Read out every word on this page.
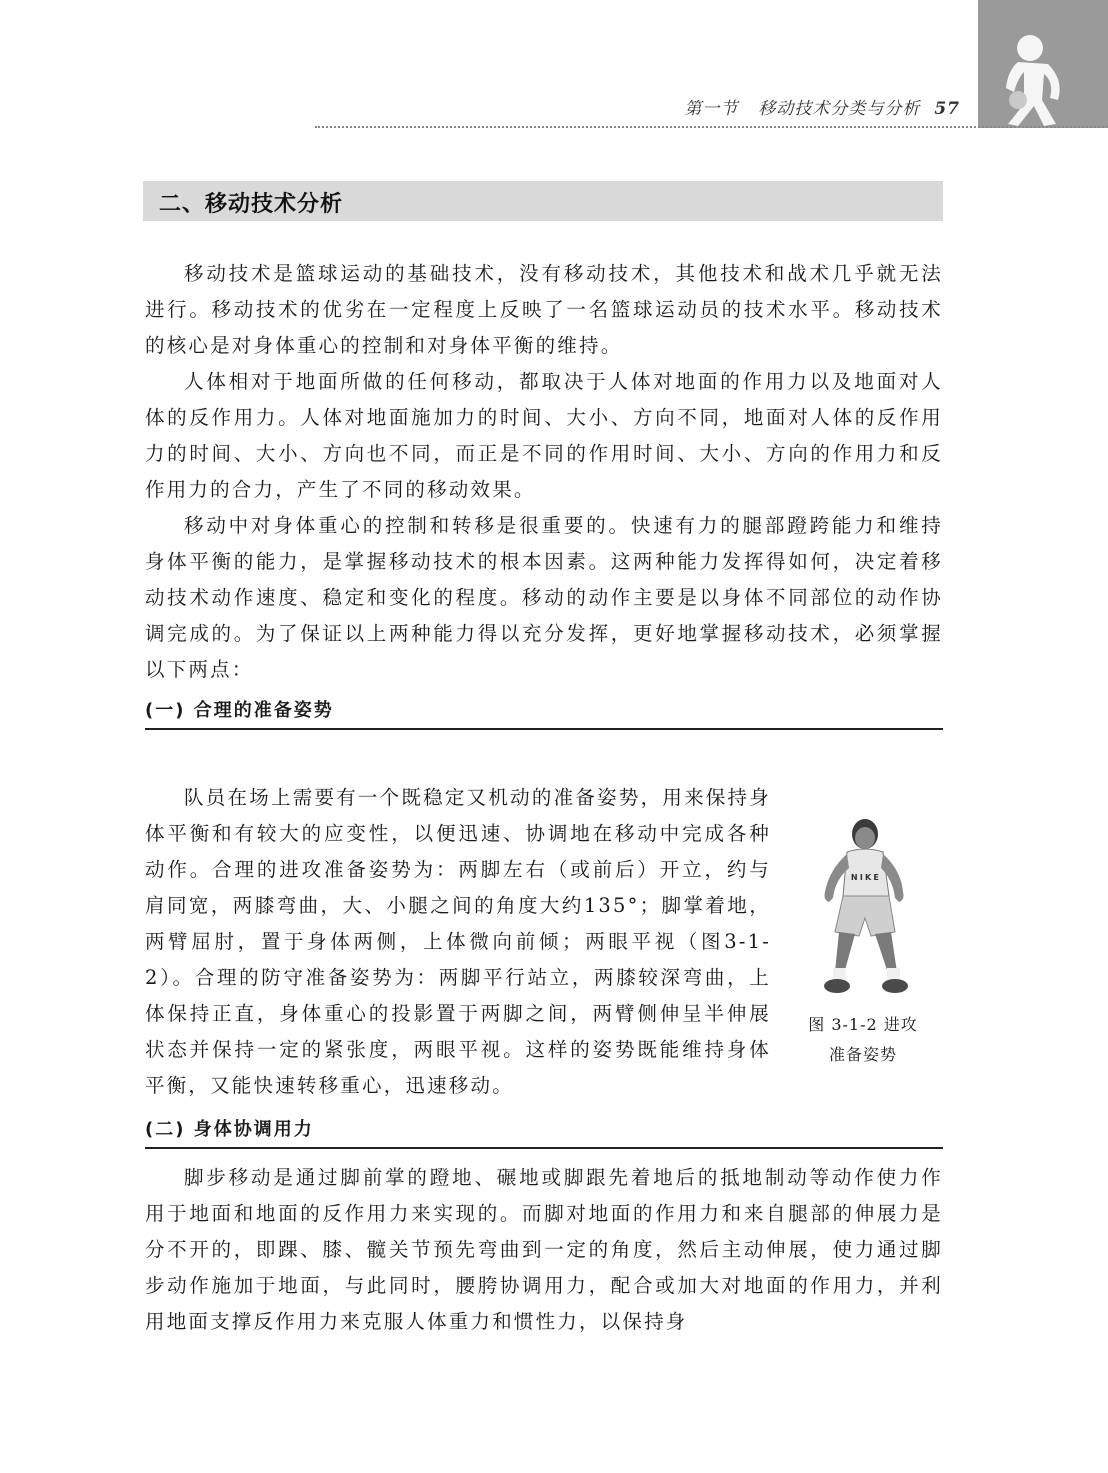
第一节 移动技术分类与分析 57
二、移动技术分析

移动技术是篮球运动的基础技术，没有移动技术，其他技术和战术几乎就无法进行。移动技术的优劣在一定程度上反映了一名篮球运动员的技术水平。移动技术的核心是对身体重心的控制和对身体平衡的维持。

人体相对于地面所做的任何移动，都取决于人体对地面的作用力以及地面对人体的反作用力。人体对地面施加力的时间、大小、方向不同，地面对人体的反作用力的时间、大小、方向也不同，而正是不同的作用时间、大小、方向的作用力和反作用力的合力，产生了不同的移动效果。

移动中对身体重心的控制和转移是很重要的。快速有力的腿部蹬跨能力和维持身体平衡的能力，是掌握移动技术的根本因素。这两种能力发挥得如何，决定着移动技术动作速度、稳定和变化的程度。移动的动作主要是以身体不同部位的动作协调完成的。为了保证以上两种能力得以充分发挥，更好地掌握移动技术，必须掌握以下两点：

(一) 合理的准备姿势

NIKE
图 3-1-2 进攻
准备姿势
队员在场上需要有一个既稳定又机动的准备姿势，用来保持身体平衡和有较大的应变性，以便迅速、协调地在移动中完成各种动作。合理的进攻准备姿势为：两脚左右（或前后）开立，约与肩同宽，两膝弯曲，大、小腿之间的角度大约135°；脚掌着地，两臂屈肘，置于身体两侧，上体微向前倾；两眼平视（图3-1-2）。合理的防守准备姿势为：两脚平行站立，两膝较深弯曲，上体保持正直，身体重心的投影置于两脚之间，两臂侧伸呈半伸展状态并保持一定的紧张度，两眼平视。这样的姿势既能维持身体平衡，又能快速转移重心，迅速移动。

(二) 身体协调用力

脚步移动是通过脚前掌的蹬地、碾地或脚跟先着地后的抵地制动等动作使力作用于地面和地面的反作用力来实现的。而脚对地面的作用力和来自腿部的伸展力是分不开的，即踝、膝、髋关节预先弯曲到一定的角度，然后主动伸展，使力通过脚步动作施加于地面，与此同时，腰胯协调用力，配合或加大对地面的作用力，并利用地面支撑反作用力来克服人体重力和惯性力，以保持身
